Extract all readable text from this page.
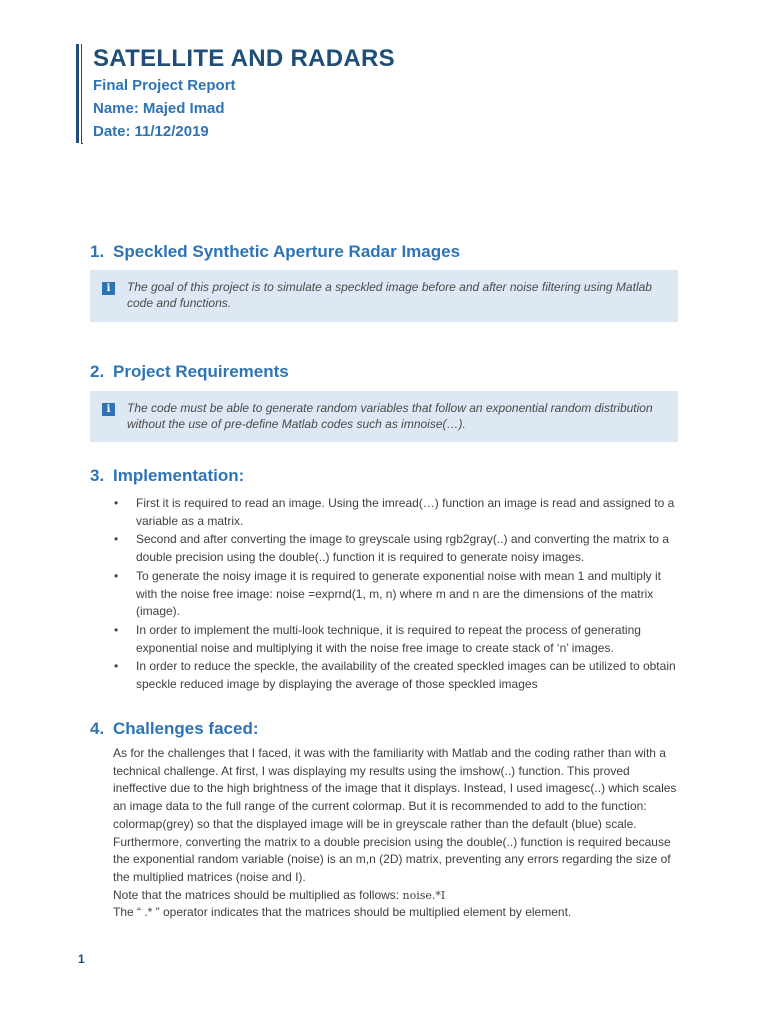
SATELLITE AND RADARS
Final Project Report
Name: Majed Imad
Date: 11/12/2019
1. Speckled Synthetic Aperture Radar Images
i	The goal of this project is to simulate a speckled image before and after noise filtering using Matlab code and functions.
2. Project Requirements
i	The code must be able to generate random variables that follow an exponential random distribution without the use of pre-define Matlab codes such as imnoise(…).
3. Implementation:
• First it is required to read an image. Using the imread(…) function an image is read and assigned to a variable as a matrix.
• Second and after converting the image to greyscale using rgb2gray(..) and converting the matrix to a double precision using the double(..) function it is required to generate noisy images.
• To generate the noisy image it is required to generate exponential noise with mean 1 and multiply it with the noise free image: noise =exprnd(1, m, n) where m and n are the dimensions of the matrix (image).
• In order to implement the multi-look technique, it is required to repeat the process of generating exponential noise and multiplying it with the noise free image to create stack of ‘n’ images.
• In order to reduce the speckle, the availability of the created speckled images can be utilized to obtain speckle reduced image by displaying the average of those speckled images
4. Challenges faced:
As for the challenges that I faced, it was with the familiarity with Matlab and the coding rather than with a technical challenge. At first, I was displaying my results using the imshow(..) function. This proved ineffective due to the high brightness of the image that it displays. Instead, I used imagesc(..) which scales an image data to the full range of the current colormap. But it is recommended to add to the function: colormap(grey) so that the displayed image will be in greyscale rather than the default (blue) scale. Furthermore, converting the matrix to a double precision using the double(..) function is required because the exponential random variable (noise) is an m,n (2D) matrix, preventing any errors regarding the size of the multiplied matrices (noise and I).
Note that the matrices should be multiplied as follows: noise.*I
The “ .* ” operator indicates that the matrices should be multiplied element by element.
1
